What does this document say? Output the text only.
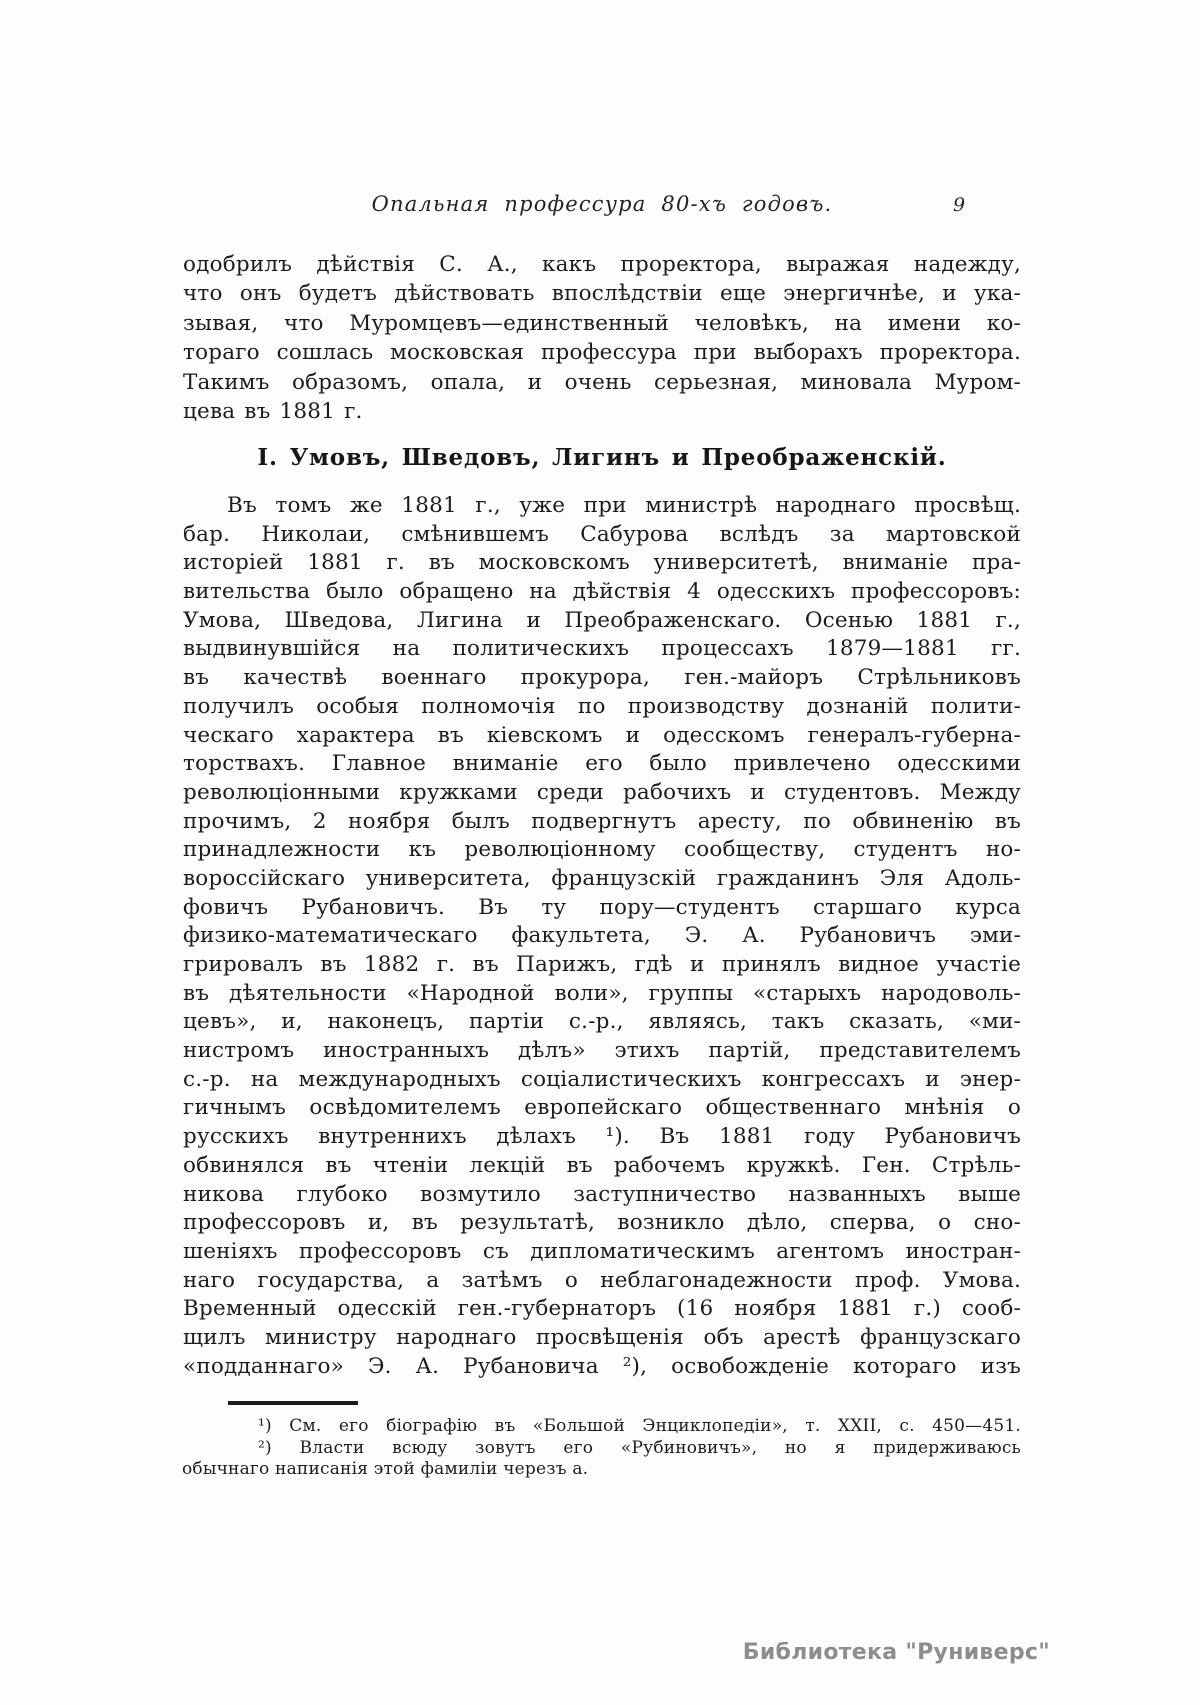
Опальная профессура 80-хъ годовъ.	9
одобрилъ дѣйствія С. А., какъ проректора, выражая надежду,
что онъ будетъ дѣйствовать впослѣдствіи еще энергичнѣе, и ука-
зывая, что Муромцевъ—единственный человѣкъ, на имени ко-
тораго сошлась московская профессура при выборахъ проректора.
Такимъ образомъ, опала, и очень серьезная, миновала Муром-
цева въ 1881 г.
I. Умовъ, Шведовъ, Лигинъ и Преображенскій.
Въ томъ же 1881 г., уже при министрѣ народнаго просвѣщ.
бар. Николаи, смѣнившемъ Сабурова вслѣдъ за мартовской
исторіей 1881 г. въ московскомъ университетѣ, вниманіе пра-
вительства было обращено на дѣйствія 4 одесскихъ профессоровъ:
Умова, Шведова, Лигина и Преображенскаго. Осенью 1881 г.,
выдвинувшійся на политическихъ процессахъ 1879—1881 гг.
въ качествѣ военнаго прокурора, ген.-майоръ Стрѣльниковъ
получилъ особыя полномочія по производству дознаній полити-
ческаго характера въ кіевскомъ и одесскомъ генералъ-губерна-
торствахъ. Главное вниманіе его было привлечено одесскими
революціонными кружками среди рабочихъ и студентовъ. Между
прочимъ, 2 ноября былъ подвергнутъ аресту, по обвиненію въ
принадлежности къ революціонному сообществу, студентъ но-
вороссійскаго университета, французскій гражданинъ Эля Адоль-
фовичъ Рубановичъ. Въ ту пору—студентъ старшаго курса
физико-математическаго факультета, Э. А. Рубановичъ эми-
грировалъ въ 1882 г. въ Парижъ, гдѣ и принялъ видное участіе
въ дѣятельности «Народной воли», группы «старыхъ народоволь-
цевъ», и, наконецъ, партіи с.-р., являясь, такъ сказать, «ми-
нистромъ иностранныхъ дѣлъ» этихъ партій, представителемъ
с.-р. на международныхъ соціалистическихъ конгрессахъ и энер-
гичнымъ освѣдомителемъ европейскаго общественнаго мнѣнія о
русскихъ внутреннихъ дѣлахъ ¹). Въ 1881 году Рубановичъ
обвинялся въ чтеніи лекцій въ рабочемъ кружкѣ. Ген. Стрѣль-
никова глубоко возмутило заступничество названныхъ выше
профессоровъ и, въ результатѣ, возникло дѣло, сперва, о сно-
шеніяхъ профессоровъ съ дипломатическимъ агентомъ иностран-
наго государства, а затѣмъ о неблагонадежности проф. Умова.
Временный одесскій ген.-губернаторъ (16 ноября 1881 г.) сооб-
щилъ министру народнаго просвѣщенія объ арестѣ французскаго
«подданнаго» Э. А. Рубановича ²), освобожденіе котораго изъ
¹) См. его біографію въ «Большой Энциклопедіи», т. XXII, с. 450—451.
²) Власти всюду зовутъ его «Рубиновичъ», но я придерживаюсь
обычнаго написанія этой фамиліи черезъ а.
Библиотека "Руниверс"
